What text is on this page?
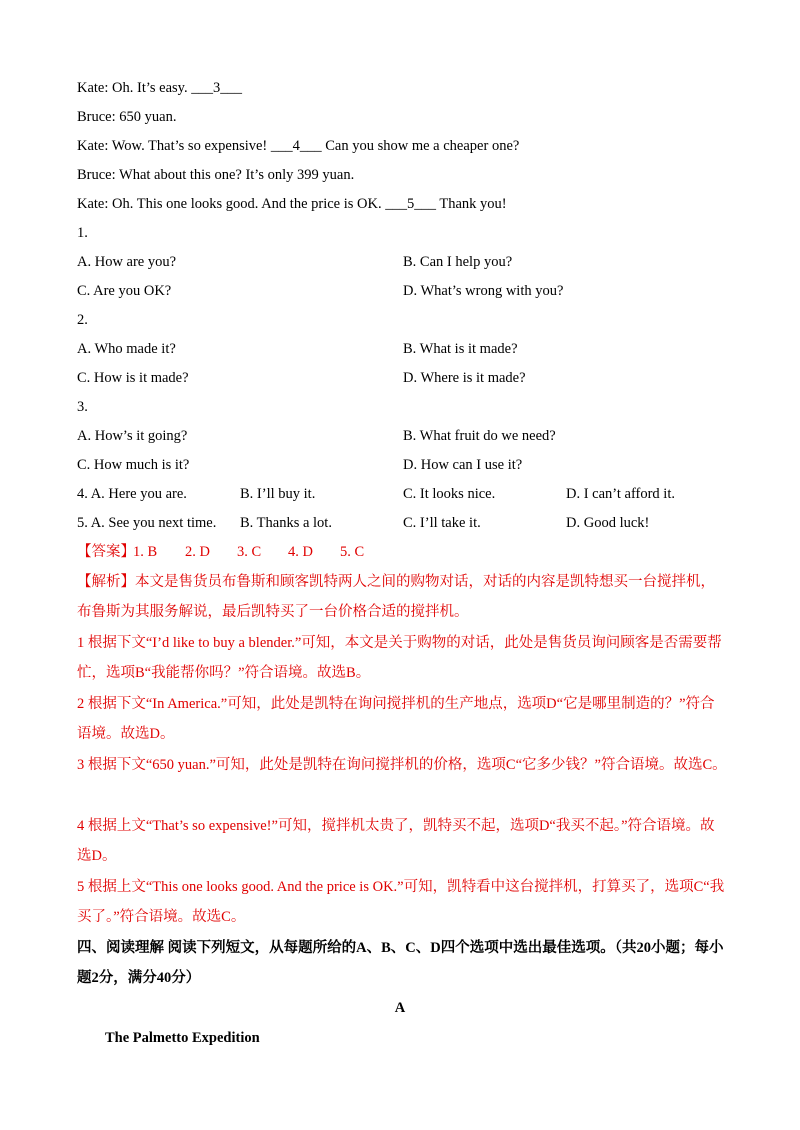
Kate: Oh. It’s easy. ___3___
Bruce: 650 yuan.
Kate: Wow. That’s so expensive! ___4___ Can you show me a cheaper one?
Bruce: What about this one? It’s only 399 yuan.
Kate: Oh. This one looks good. And the price is OK. ___5___ Thank you!
1.
A. How are you?	B. Can I help you?
C. Are you OK?	D. What’s wrong with you?
2.
A. Who made it?	B. What is it made?
C. How is it made?	D. Where is it made?
3.
A. How’s it going?	B. What fruit do we need?
C. How much is it?	D. How can I use it?
4. A. Here you are.	B. I’ll buy it.	C. It looks nice.	D. I can’t afford it.
5. A. See you next time. B. Thanks a lot.	C. I’ll take it.	D. Good luck!
【答案】
1. B 2. D 3. C 4. D 5. C
【解析】本文是售货员布鲁斯和顾客凯特两人之间的购物对话，对话的内容是凯特想买一台搅拌机，布鲁斯为其服务解说，最后凯特买了一台价格合适的搅拌机。
1 根据下文“I’d like to buy a blender.”可知，本文是关于购物的对话，此处是售货员询问顾客是否需要帮忙，选项B“我能帮你吗？”符合语境。故选B。
2 根据下文“In America.”可知，此处是凯特在询问搅拌机的生产地点，选项D“它是哪里制造的？”符合语境。故选D。
3 根据下文“650 yuan.”可知，此处是凯特在询问搅拌机的价格，选项C“它多少钱？”符合语境。故选C。
4 根据上文“That’s so expensive!”可知，搅拌机太贵了，凯特买不起，选项D“我买不起。”符合语境。故选D。
5 根据上文“This one looks good. And the price is OK.”可知，凯特看中这台搅拌机，打算买了，选项C“我买了。”符合语境。故选C。
四、阅读理解 阅读下列短文，从每题所给的A、B、C、D四个选项中选出最佳选项。（共20小题；每小题2分，满分40分）
A
The Palmetto Expedition
